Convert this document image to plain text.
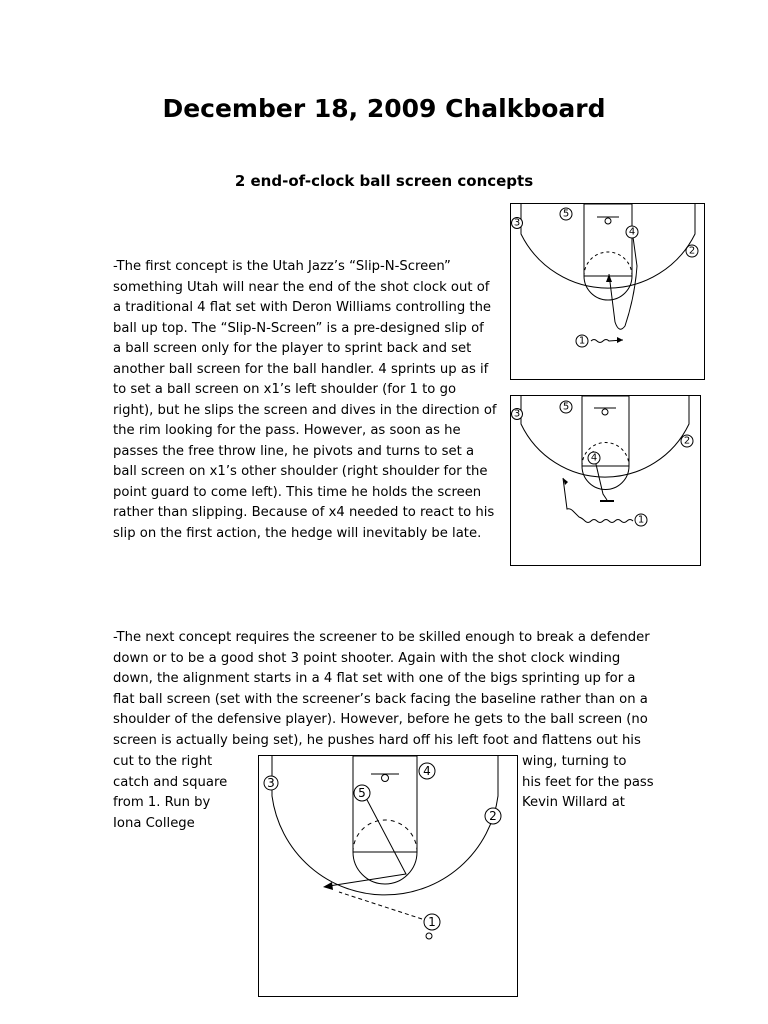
December 18, 2009 Chalkboard
2 end-of-clock ball screen concepts
-The first concept is the Utah Jazz’s “Slip-N-Screen”
something Utah will near the end of the shot clock out of
a traditional 4 flat set with Deron Williams controlling the
ball up top. The “Slip-N-Screen” is a pre-designed slip of
a ball screen only for the player to sprint back and set
another ball screen for the ball handler. 4 sprints up as if
to set a ball screen on x1’s left shoulder (for 1 to go
right), but he slips the screen and dives in the direction of
the rim looking for the pass. However, as soon as he
passes the free throw line, he pivots and turns to set a
ball screen on x1’s other shoulder (right shoulder for the
point guard to come left). This time he holds the screen
rather than slipping. Because of x4 needed to react to his
slip on the first action, the hedge will inevitably be late.
-The next concept requires the screener to be skilled enough to break a defender
down or to be a good shot 3 point shooter. Again with the shot clock winding
down, the alignment starts in a 4 flat set with one of the bigs sprinting up for a
flat ball screen (set with the screener’s back facing the baseline rather than on a
shoulder of the defensive player). However, before he gets to the ball screen (no
screen is actually being set), he pushes hard off his left foot and flattens out his
cut to the right
catch and square
from 1. Run by
Iona College
wing, turning to
his feet for the pass
Kevin Willard at
3
5
4
2
1
3
5
2
4
1
3
4
5
2
1
